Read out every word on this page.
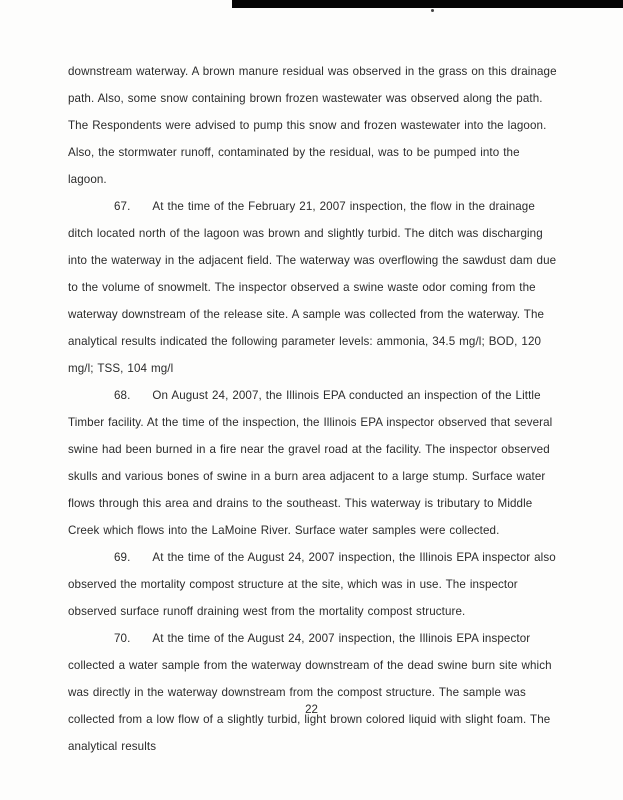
downstream waterway. A brown manure residual was observed in the grass on this drainage path. Also, some snow containing brown frozen wastewater was observed along the path. The Respondents were advised to pump this snow and frozen wastewater into the lagoon. Also, the stormwater runoff, contaminated by the residual, was to be pumped into the lagoon.

67. At the time of the February 21, 2007 inspection, the flow in the drainage ditch located north of the lagoon was brown and slightly turbid. The ditch was discharging into the waterway in the adjacent field. The waterway was overflowing the sawdust dam due to the volume of snowmelt. The inspector observed a swine waste odor coming from the waterway downstream of the release site. A sample was collected from the waterway. The analytical results indicated the following parameter levels: ammonia, 34.5 mg/l; BOD, 120 mg/l; TSS, 104 mg/l

68. On August 24, 2007, the Illinois EPA conducted an inspection of the Little Timber facility. At the time of the inspection, the Illinois EPA inspector observed that several swine had been burned in a fire near the gravel road at the facility. The inspector observed skulls and various bones of swine in a burn area adjacent to a large stump. Surface water flows through this area and drains to the southeast. This waterway is tributary to Middle Creek which flows into the LaMoine River. Surface water samples were collected.

69. At the time of the August 24, 2007 inspection, the Illinois EPA inspector also observed the mortality compost structure at the site, which was in use. The inspector observed surface runoff draining west from the mortality compost structure.

70. At the time of the August 24, 2007 inspection, the Illinois EPA inspector collected a water sample from the waterway downstream of the dead swine burn site which was directly in the waterway downstream from the compost structure. The sample was collected from a low flow of a slightly turbid, light brown colored liquid with slight foam. The analytical results

22
